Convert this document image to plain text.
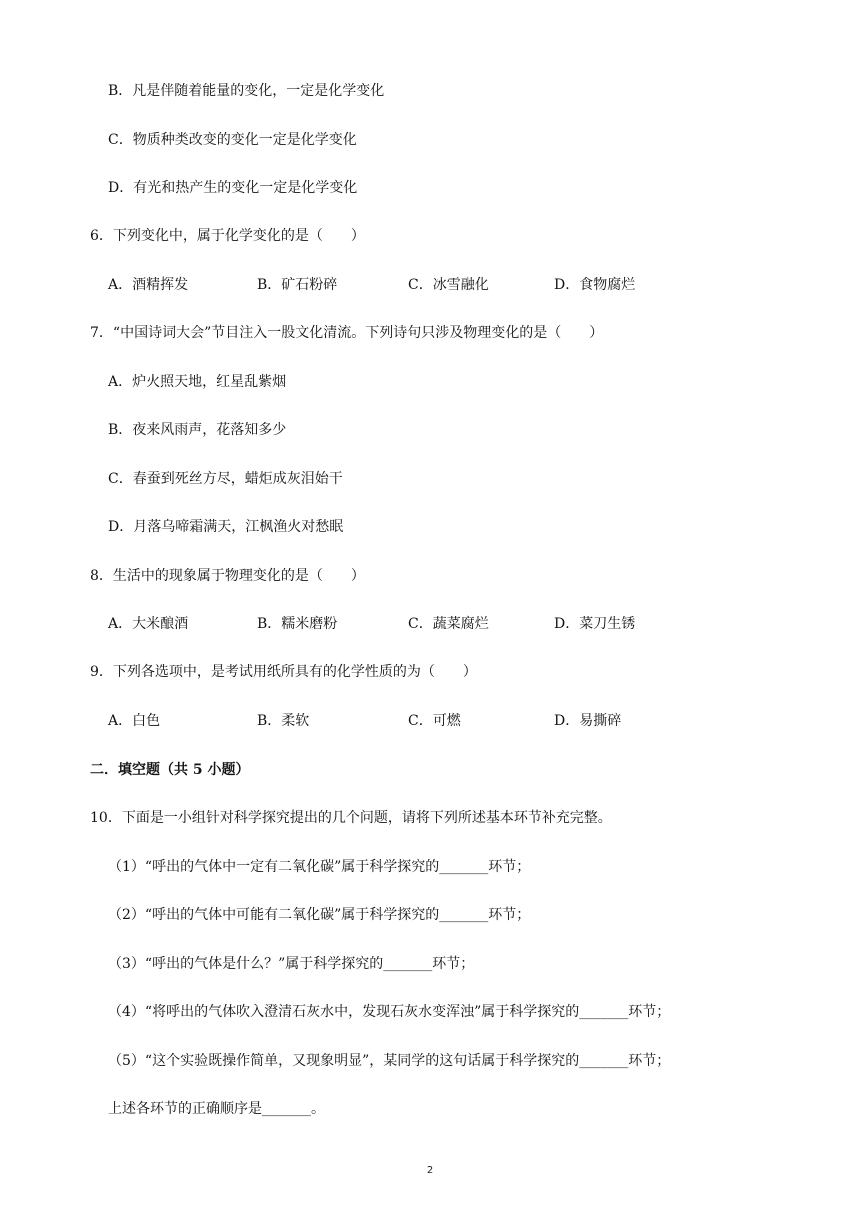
B．凡是伴随着能量的变化，一定是化学变化
C．物质种类改变的变化一定是化学变化
D．有光和热产生的变化一定是化学变化
6．下列变化中，属于化学变化的是（　　）
A．酒精挥发	B．矿石粉碎	C．冰雪融化	D．食物腐烂
7．“中国诗词大会”节目注入一股文化清流。下列诗句只涉及物理变化的是（　　）
A．炉火照天地，红星乱紫烟
B．夜来风雨声，花落知多少
C．春蚕到死丝方尽，蜡炬成灰泪始干
D．月落乌啼霜满天，江枫渔火对愁眠
8．生活中的现象属于物理变化的是（　　）
A．大米酿酒	B．糯米磨粉	C．蔬菜腐烂	D．菜刀生锈
9．下列各选项中，是考试用纸所具有的化学性质的为（　　）
A．白色	B．柔软	C．可燃	D．易撕碎
二．填空题（共 5 小题）
10．下面是一小组针对科学探究提出的几个问题，请将下列所述基本环节补充完整。
（1）“呼出的气体中一定有二氧化碳”属于科学探究的_______环节；
（2）“呼出的气体中可能有二氧化碳”属于科学探究的_______环节；
（3）“呼出的气体是什么？”属于科学探究的_______环节；
（4）“将呼出的气体吹入澄清石灰水中，发现石灰水变浑浊”属于科学探究的_______环节；
（5）“这个实验既操作简单，又现象明显”，某同学的这句话属于科学探究的_______环节；
上述各环节的正确顺序是_______。
2
